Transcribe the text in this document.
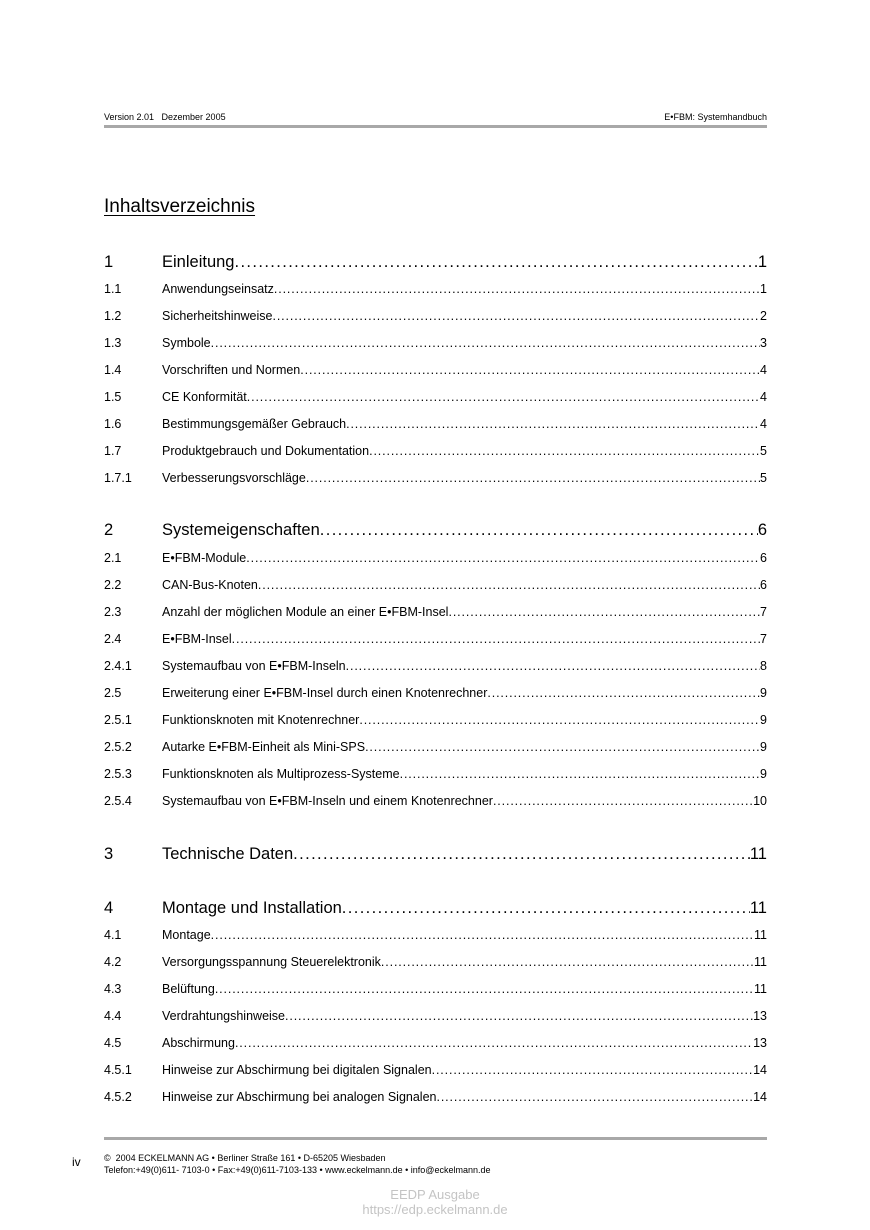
Version 2.01   Dezember 2005	E•FBM: Systemhandbuch
Inhaltsverzeichnis
1	Einleitung . . .	1
1.1	Anwendungseinsatz . . .	1
1.2	Sicherheitshinweise . . .	2
1.3	Symbole . . .	3
1.4	Vorschriften und Normen . . .	4
1.5	CE Konformität . . .	4
1.6	Bestimmungsgemäßer Gebrauch . . .	4
1.7	Produktgebrauch und Dokumentation . . .	5
1.7.1	Verbesserungsvorschläge . . .	5
2	Systemeigenschaften . . .	6
2.1	E•FBM-Module . . .	6
2.2	CAN-Bus-Knoten . . .	6
2.3	Anzahl der möglichen Module an einer E•FBM-Insel . . .	7
2.4	E•FBM-Insel . . .	7
2.4.1	Systemaufbau von E•FBM-Inseln . . .	8
2.5	Erweiterung einer E•FBM-Insel durch einen Knotenrechner . . .	9
2.5.1	Funktionsknoten mit Knotenrechner . . .	9
2.5.2	Autarke E•FBM-Einheit als Mini-SPS . . .	9
2.5.3	Funktionsknoten als Multiprozess-Systeme . . .	9
2.5.4	Systemaufbau von E•FBM-Inseln und einem Knotenrechner . . .	10
3	Technische Daten . . .	11
4	Montage und Installation . . .	11
4.1	Montage . . .	11
4.2	Versorgungsspannung Steuerelektronik . . .	11
4.3	Belüftung . . .	11
4.4	Verdrahtungshinweise . . .	13
4.5	Abschirmung . . .	13
4.5.1	Hinweise zur Abschirmung bei digitalen Signalen . . .	14
4.5.2	Hinweise zur Abschirmung bei analogen Signalen . . .	14
iv	©  2004 ECKELMANN AG • Berliner Straße 161 • D-65205 Wiesbaden
Telefon:+49(0)611- 7103-0 • Fax:+49(0)611-7103-133 • www.eckelmann.de • info@eckelmann.de
EEDP Ausgabe
https://edp.eckelmann.de
